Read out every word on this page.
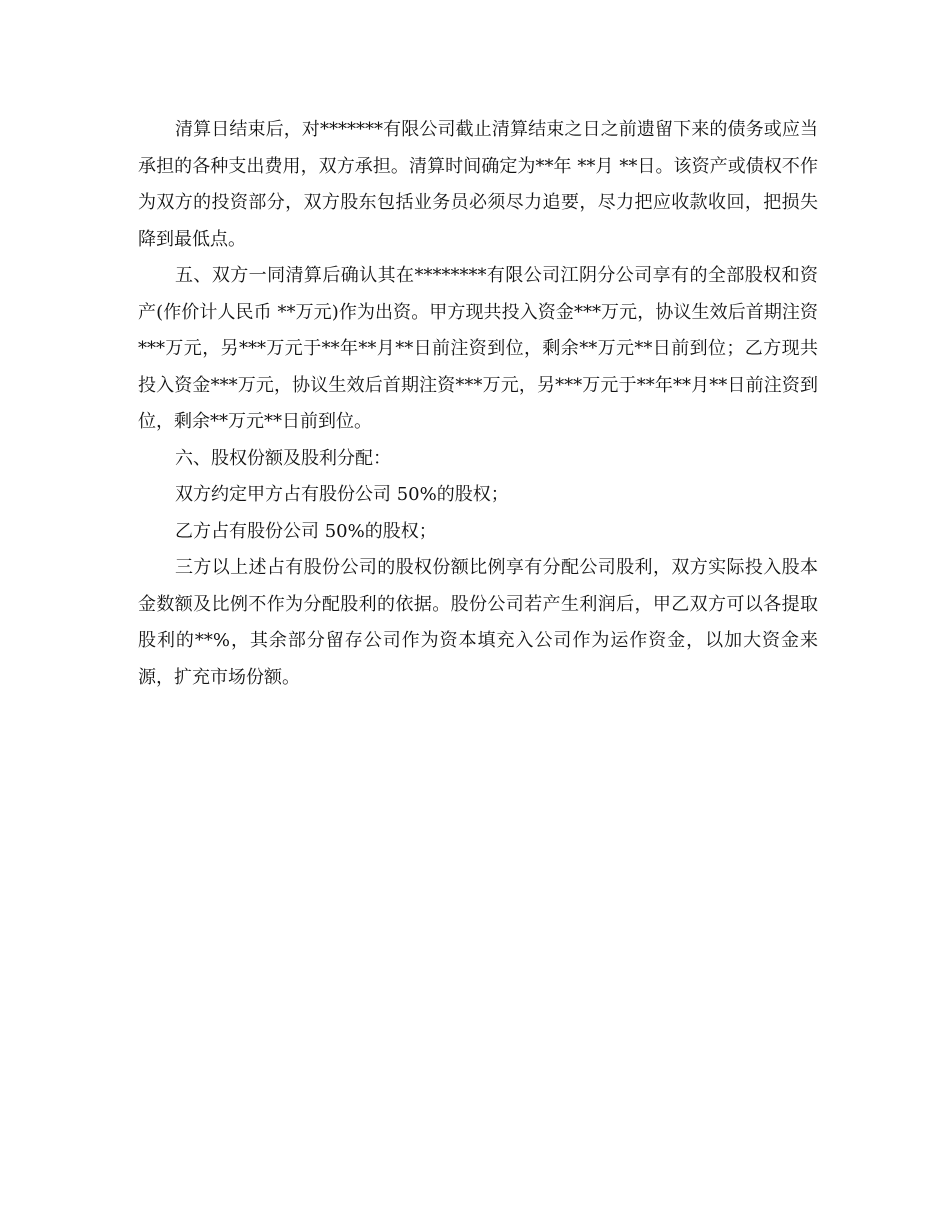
清算日结束后，对*******有限公司截止清算结束之日之前遗留下来的债务或应当承担的各种支出费用，双方承担。清算时间确定为**年 **月 **日。该资产或债权不作为双方的投资部分，双方股东包括业务员必须尽力追要，尽力把应收款收回，把损失降到最低点。

五、双方一同清算后确认其在********有限公司江阴分公司享有的全部股权和资产(作价计人民币 **万元)作为出资。甲方现共投入资金***万元，协议生效后首期注资***万元，另***万元于**年**月**日前注资到位，剩余**万元**日前到位；乙方现共投入资金***万元，协议生效后首期注资***万元，另***万元于**年**月**日前注资到位，剩余**万元**日前到位。

六、股权份额及股利分配：

双方约定甲方占有股份公司 50%的股权；

乙方占有股份公司 50%的股权；

三方以上述占有股份公司的股权份额比例享有分配公司股利，双方实际投入股本金数额及比例不作为分配股利的依据。股份公司若产生利润后，甲乙双方可以各提取股利的**%，其余部分留存公司作为资本填充入公司作为运作资金，以加大资金来源，扩充市场份额。
